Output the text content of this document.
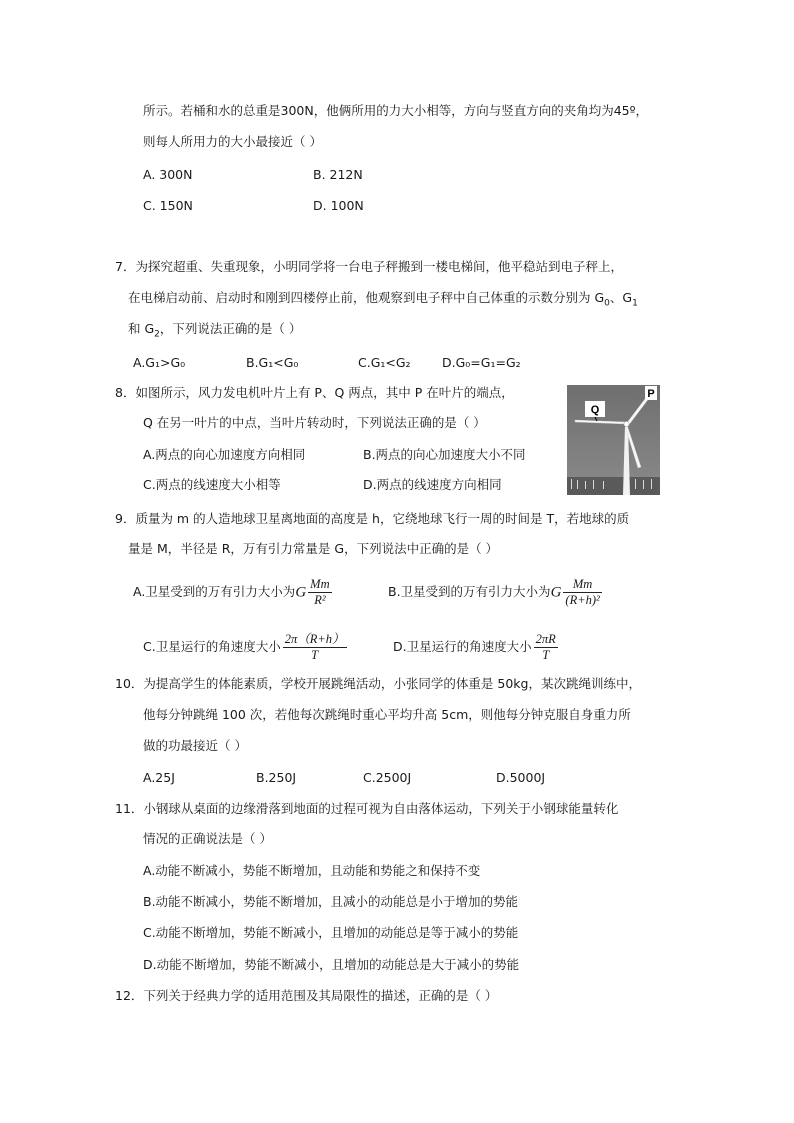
所示。若桶和水的总重是300N，他俩所用的力大小相等，方向与竖直方向的夹角均为45º，
则每人所用力的大小最接近（ ）
A. 300N	B. 212N
C. 150N	D. 100N
7．为探究超重、失重现象，小明同学将一台电子秤搬到一楼电梯间，他平稳站到电子秤上，
在电梯启动前、启动时和刚到四楼停止前，他观察到电子秤中自己体重的示数分别为 $G_0$、$G_1$
和 $G_2$，下列说法正确的是（ ）
A.G₁>G₀	B.G₁<G₀	C.G₁<G₂	D.G₀=G₁=G₂
8．如图所示，风力发电机叶片上有 P、Q 两点，其中 P 在叶片的端点，
Q 在另一叶片的中点，当叶片转动时，下列说法正确的是（ ）
A.两点的向心加速度方向相同	B.两点的向心加速度大小不同
C.两点的线速度大小相等	D.两点的线速度方向相同
P
Q
9．质量为 m 的人造地球卫星离地面的高度是 h，它绕地球飞行一周的时间是 T，若地球的质
量是 M，半径是 R，万有引力常量是 G，下列说法中正确的是（ ）
A.卫星受到的万有引力大小为G $\frac{Mm}{\text{R²}}$	B.卫星受到的万有引力大小为G $\frac{Mm}{\text{(R+h)²}}$
C.卫星运行的角速度大小 $\frac{2\pi(R+h)}{T}$	D.卫星运行的角速度大小 $\frac{2\pi R}{T}$
10．为提高学生的体能素质，学校开展跳绳活动，小张同学的体重是 50kg，某次跳绳训练中，
他每分钟跳绳 100 次，若他每次跳绳时重心平均升高 5cm，则他每分钟克服自身重力所
做的功最接近（ ）
A.25J	B.250J	C.2500J	D.5000J
11．小钢球从桌面的边缘滑落到地面的过程可视为自由落体运动，下列关于小钢球能量转化
情况的正确说法是（ ）
A.动能不断减小，势能不断增加，且动能和势能之和保持不变
B.动能不断减小，势能不断增加，且减小的动能总是小于增加的势能
C.动能不断增加，势能不断减小，且增加的动能总是等于减小的势能
D.动能不断增加，势能不断减小，且增加的动能总是大于减小的势能
12．下列关于经典力学的适用范围及其局限性的描述，正确的是（ ）
